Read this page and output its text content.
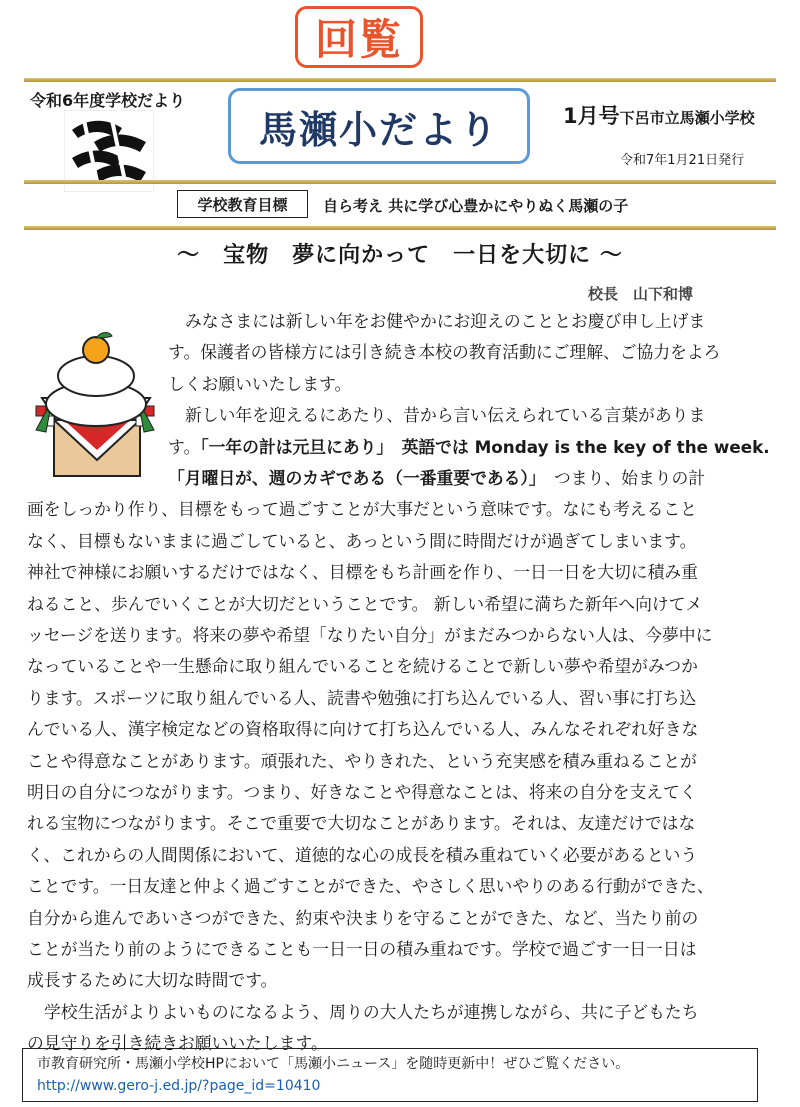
回覧
令和6年度学校だより
馬瀬小だより	1月号下呂市立馬瀬小学校
令和7年1月21日発行
学校教育目標	自ら考え 共に学び心豊かにやりぬく馬瀬の子
～　宝物　夢に向かって　一日を大切に ～
校長　山下和博
みなさまには新しい年をお健やかにお迎えのこととお慶び申し上げま
す。保護者の皆様方には引き続き本校の教育活動にご理解、ご協力をよろ
しくお願いいたします。
新しい年を迎えるにあたり、昔から言い伝えられている言葉がありま
す。「一年の計は元旦にあり」　英語では Monday is the key of the week.
「月曜日が、週のカギである（一番重要である）」　つまり、始まりの計
画をしっかり作り、目標をもって過ごすことが大事だという意味です。なにも考えること
なく、目標もないままに過ごしていると、あっという間に時間だけが過ぎてしまいます。
神社で神様にお願いするだけではなく、目標をもち計画を作り、一日一日を大切に積み重
ねること、歩んでいくことが大切だということです。 新しい希望に満ちた新年へ向けてメ
ッセージを送ります。将来の夢や希望「なりたい自分」がまだみつからない人は、今夢中に
なっていることや一生懸命に取り組んでいることを続けることで新しい夢や希望がみつか
ります。スポーツに取り組んでいる人、読書や勉強に打ち込んでいる人、習い事に打ち込
んでいる人、漢字検定などの資格取得に向けて打ち込んでいる人、みんなそれぞれ好きな
ことや得意なことがあります。頑張れた、やりきれた、という充実感を積み重ねることが
明日の自分につながります。つまり、好きなことや得意なことは、将来の自分を支えてく
れる宝物につながります。そこで重要で大切なことがあります。それは、友達だけではな
く、これからの人間関係において、道徳的な心の成長を積み重ねていく必要があるという
ことです。一日友達と仲よく過ごすことができた、やさしく思いやりのある行動ができた、
自分から進んであいさつができた、約束や決まりを守ることができた、など、当たり前の
ことが当たり前のようにできることも一日一日の積み重ねです。学校で過ごす一日一日は
成長するために大切な時間です。
学校生活がよりよいものになるよう、周りの大人たちが連携しながら、共に子どもたち
の見守りを引き続きお願いいたします。
市教育研究所・馬瀬小学校HPにおいて「馬瀬小ニュース」を随時更新中！ぜひご覧ください。
http://www.gero-j.ed.jp/?page_id=10410
